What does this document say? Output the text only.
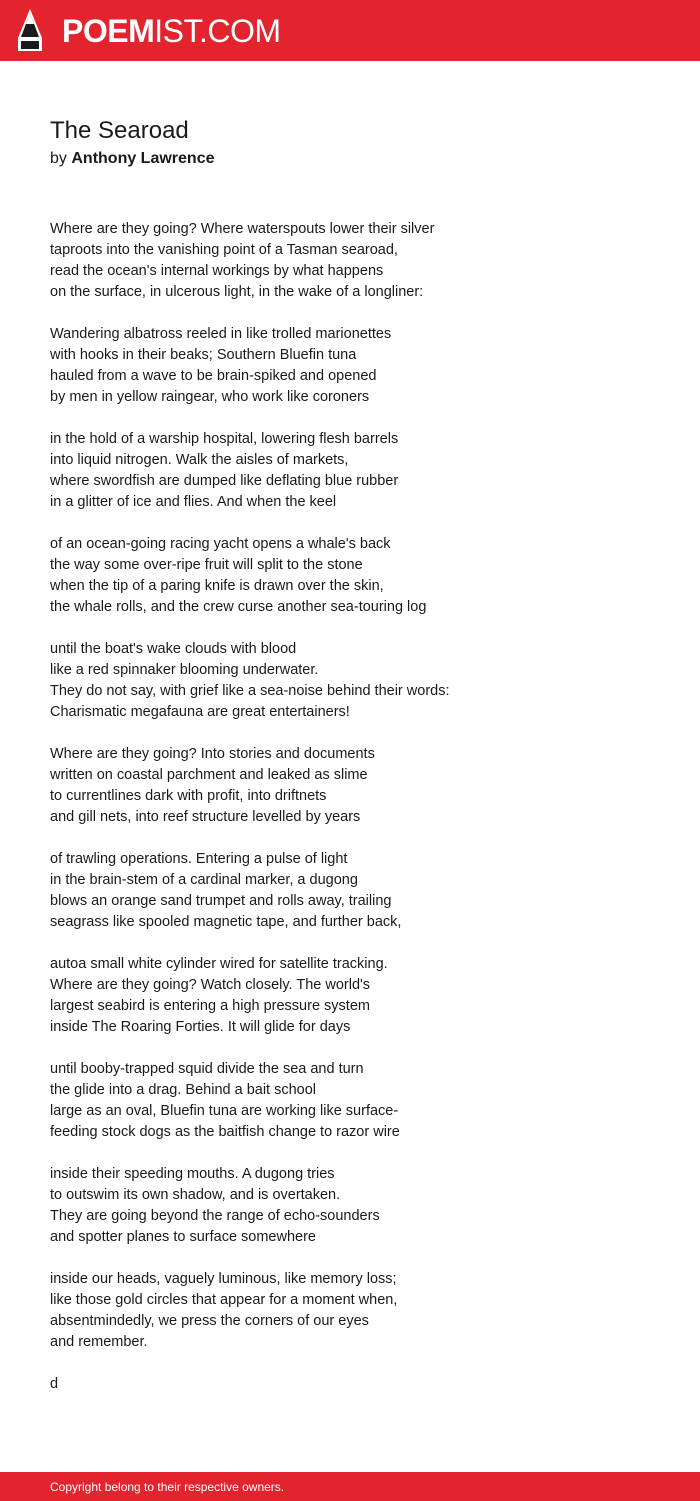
POEMIST.COM
The Searoad
by Anthony Lawrence
Where are they going? Where waterspouts lower their silver
taproots into the vanishing point of a Tasman searoad,
read the ocean's internal workings by what happens
on the surface, in ulcerous light, in the wake of a longliner:
Wandering albatross reeled in like trolled marionettes
with hooks in their beaks; Southern Bluefin tuna
hauled from a wave to be brain-spiked and opened
by men in yellow raingear, who work like coroners
in the hold of a warship hospital, lowering flesh barrels
into liquid nitrogen. Walk the aisles of markets,
where swordfish are dumped like deflating blue rubber
in a glitter of ice and flies. And when the keel
of an ocean-going racing yacht opens a whale's back
the way some over-ripe fruit will split to the stone
when the tip of a paring knife is drawn over the skin,
the whale rolls, and the crew curse another sea-touring log
until the boat's wake clouds with blood
like a red spinnaker blooming underwater.
They do not say, with grief like a sea-noise behind their words:
Charismatic megafauna are great entertainers!
Where are they going? Into stories and documents
written on coastal parchment and leaked as slime
to currentlines dark with profit, into driftnets
and gill nets, into reef structure levelled by years
of trawling operations. Entering a pulse of light
in the brain-stem of a cardinal marker, a dugong
blows an orange sand trumpet and rolls away, trailing
seagrass like spooled magnetic tape, and further back,
autoa small white cylinder wired for satellite tracking.
Where are they going? Watch closely. The world's
largest seabird is entering a high pressure system
inside The Roaring Forties. It will glide for days
until booby-trapped squid divide the sea and turn
the glide into a drag. Behind a bait school
large as an oval, Bluefin tuna are working like surface-
feeding stock dogs as the baitfish change to razor wire
inside their speeding mouths. A dugong tries
to outswim its own shadow, and is overtaken.
They are going beyond the range of echo-sounders
and spotter planes to surface somewhere
inside our heads, vaguely luminous, like memory loss;
like those gold circles that appear for a moment when,
absentmindedly, we press the corners of our eyes
and remember.
d
Copyright belong to their respective owners.
